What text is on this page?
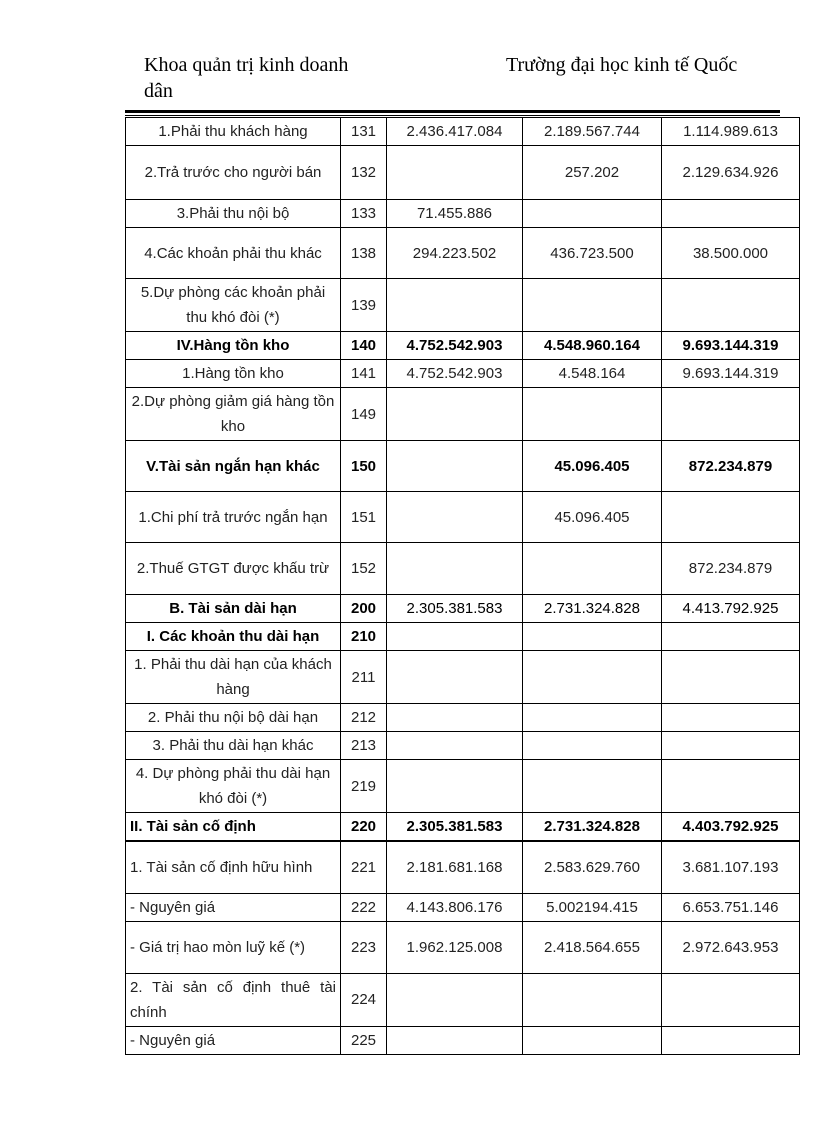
Khoa quản trị kinh doanh	Trường đại học kinh tế Quốc
dân
1.Phải thu khách hàng	131	2.436.417.084	2.189.567.744	1.114.989.613
2.Trả trước cho người bán	132		257.202	2.129.634.926
3.Phải thu nội bộ	133	71.455.886		
4.Các khoản phải thu khác	138	294.223.502	436.723.500	38.500.000
5.Dự phòng các khoản phải thu khó đòi (*)	139			
IV.Hàng tồn kho	140	4.752.542.903	4.548.960.164	9.693.144.319
1.Hàng tồn kho	141	4.752.542.903	4.548.164	9.693.144.319
2.Dự phòng giảm giá hàng tồn kho	149			
V.Tài sản ngắn hạn khác	150		45.096.405	872.234.879
1.Chi phí trả trước ngắn hạn	151		45.096.405	
2.Thuế GTGT được khấu trừ	152			872.234.879
B. Tài sản dài hạn	200	2.305.381.583	2.731.324.828	4.413.792.925
I. Các khoản thu dài hạn	210			
1. Phải thu dài hạn của khách hàng	211			
2. Phải thu nội bộ dài hạn	212			
3. Phải thu dài hạn khác	213			
4. Dự phòng phải thu dài hạn khó đòi (*)	219			
II. Tài sản cố định	220	2.305.381.583	2.731.324.828	4.403.792.925
1. Tài sản cố định hữu hình	221	2.181.681.168	2.583.629.760	3.681.107.193
- Nguyên giá	222	4.143.806.176	5.002194.415	6.653.751.146
- Giá trị hao mòn luỹ kế (*)	223	1.962.125.008	2.418.564.655	2.972.643.953
2. Tài sản cố định thuê tài chính	224			
- Nguyên giá	225			
